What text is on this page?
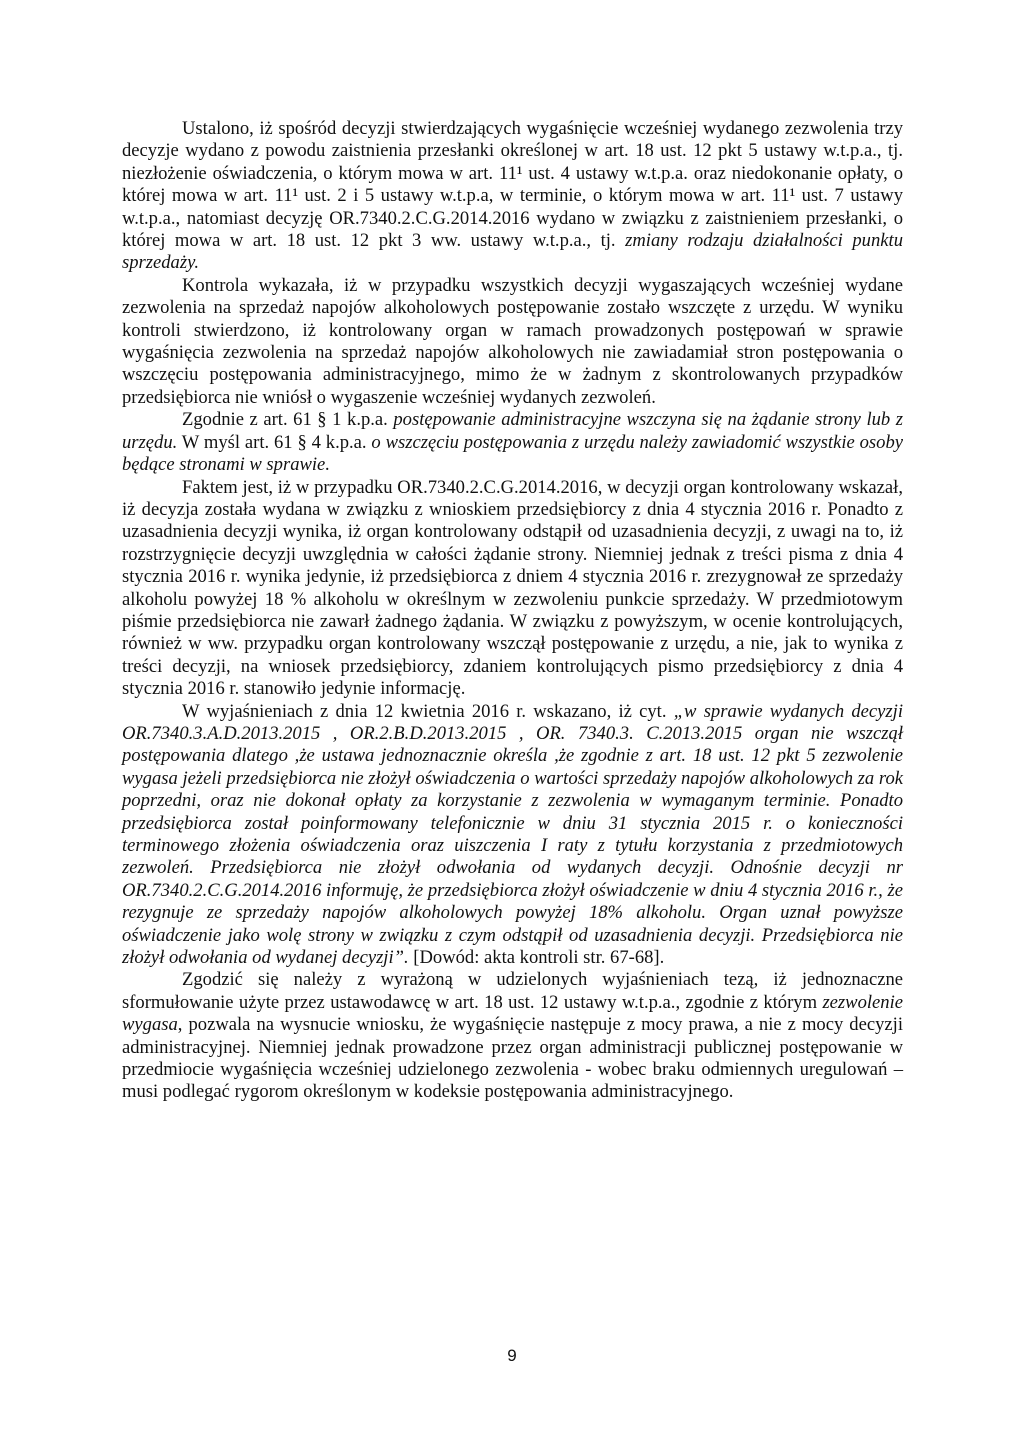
Ustalono, iż spośród decyzji stwierdzających wygaśnięcie wcześniej wydanego zezwolenia trzy decyzje wydano z powodu zaistnienia przesłanki określonej w art. 18 ust. 12 pkt 5 ustawy w.t.p.a., tj. niezłożenie oświadczenia, o którym mowa w art. 11¹ ust. 4 ustawy w.t.p.a. oraz niedokonanie opłaty, o której mowa w art. 11¹ ust. 2 i 5 ustawy w.t.p.a, w terminie, o którym mowa w art. 11¹ ust. 7 ustawy w.t.p.a., natomiast decyzję OR.7340.2.C.G.2014.2016 wydano w związku z zaistnieniem przesłanki, o której mowa w art. 18 ust. 12 pkt 3 ww. ustawy w.t.p.a., tj. zmiany rodzaju działalności punktu sprzedaży.

Kontrola wykazała, iż w przypadku wszystkich decyzji wygaszających wcześniej wydane zezwolenia na sprzedaż napojów alkoholowych postępowanie zostało wszczęte z urzędu. W wyniku kontroli stwierdzono, iż kontrolowany organ w ramach prowadzonych postępowań w sprawie wygaśnięcia zezwolenia na sprzedaż napojów alkoholowych nie zawiadamiał stron postępowania o wszczęciu postępowania administracyjnego, mimo że w żadnym z skontrolowanych przypadków przedsiębiorca nie wniósł o wygaszenie wcześniej wydanych zezwoleń.

Zgodnie z art. 61 § 1 k.p.a. postępowanie administracyjne wszczyna się na żądanie strony lub z urzędu. W myśl art. 61 § 4 k.p.a. o wszczęciu postępowania z urzędu należy zawiadomić wszystkie osoby będące stronami w sprawie.

Faktem jest, iż w przypadku OR.7340.2.C.G.2014.2016, w decyzji organ kontrolowany wskazał, iż decyzja została wydana w związku z wnioskiem przedsiębiorcy z dnia 4 stycznia 2016 r. Ponadto z uzasadnienia decyzji wynika, iż organ kontrolowany odstąpił od uzasadnienia decyzji, z uwagi na to, iż rozstrzygnięcie decyzji uwzględnia w całości żądanie strony. Niemniej jednak z treści pisma z dnia 4 stycznia 2016 r. wynika jedynie, iż przedsiębiorca z dniem 4 stycznia 2016 r. zrezygnował ze sprzedaży alkoholu powyżej 18 % alkoholu w określnym w zezwoleniu punkcie sprzedaży. W przedmiotowym piśmie przedsiębiorca nie zawarł żadnego żądania. W związku z powyższym, w ocenie kontrolujących, również w ww. przypadku organ kontrolowany wszczął postępowanie z urzędu, a nie, jak to wynika z treści decyzji, na wniosek przedsiębiorcy, zdaniem kontrolujących pismo przedsiębiorcy z dnia 4 stycznia 2016 r. stanowiło jedynie informację.

W wyjaśnieniach z dnia 12 kwietnia 2016 r. wskazano, iż cyt. „w sprawie wydanych decyzji OR.7340.3.A.D.2013.2015 , OR.2.B.D.2013.2015 , OR. 7340.3. C.2013.2015 organ nie wszczął postępowania dlatego ,że ustawa jednoznacznie określa ,że zgodnie z art. 18 ust. 12 pkt 5 zezwolenie wygasa jeżeli przedsiębiorca nie złożył oświadczenia o wartości sprzedaży napojów alkoholowych za rok poprzedni, oraz nie dokonał opłaty za korzystanie z zezwolenia w wymaganym terminie. Ponadto przedsiębiorca został poinformowany telefonicznie w dniu 31 stycznia 2015 r. o konieczności terminowego złożenia oświadczenia oraz uiszczenia I raty z tytułu korzystania z przedmiotowych zezwoleń. Przedsiębiorca nie złożył odwołania od wydanych decyzji. Odnośnie decyzji nr OR.7340.2.C.G.2014.2016 informuję, że przedsiębiorca złożył oświadczenie w dniu 4 stycznia 2016 r., że rezygnuje ze sprzedaży napojów alkoholowych powyżej 18% alkoholu. Organ uznał powyższe oświadczenie jako wolę strony w związku z czym odstąpił od uzasadnienia decyzji. Przedsiębiorca nie złożył odwołania od wydanej decyzji”. [Dowód: akta kontroli str. 67-68].

Zgodzić się należy z wyrażoną w udzielonych wyjaśnieniach tezą, iż jednoznaczne sformułowanie użyte przez ustawodawcę w art. 18 ust. 12 ustawy w.t.p.a., zgodnie z którym zezwolenie wygasa, pozwala na wysnucie wniosku, że wygaśnięcie następuje z mocy prawa, a nie z mocy decyzji administracyjnej. Niemniej jednak prowadzone przez organ administracji publicznej postępowanie w przedmiocie wygaśnięcia wcześniej udzielonego zezwolenia - wobec braku odmiennych uregulowań – musi podlegać rygorom określonym w kodeksie postępowania administracyjnego.

9
